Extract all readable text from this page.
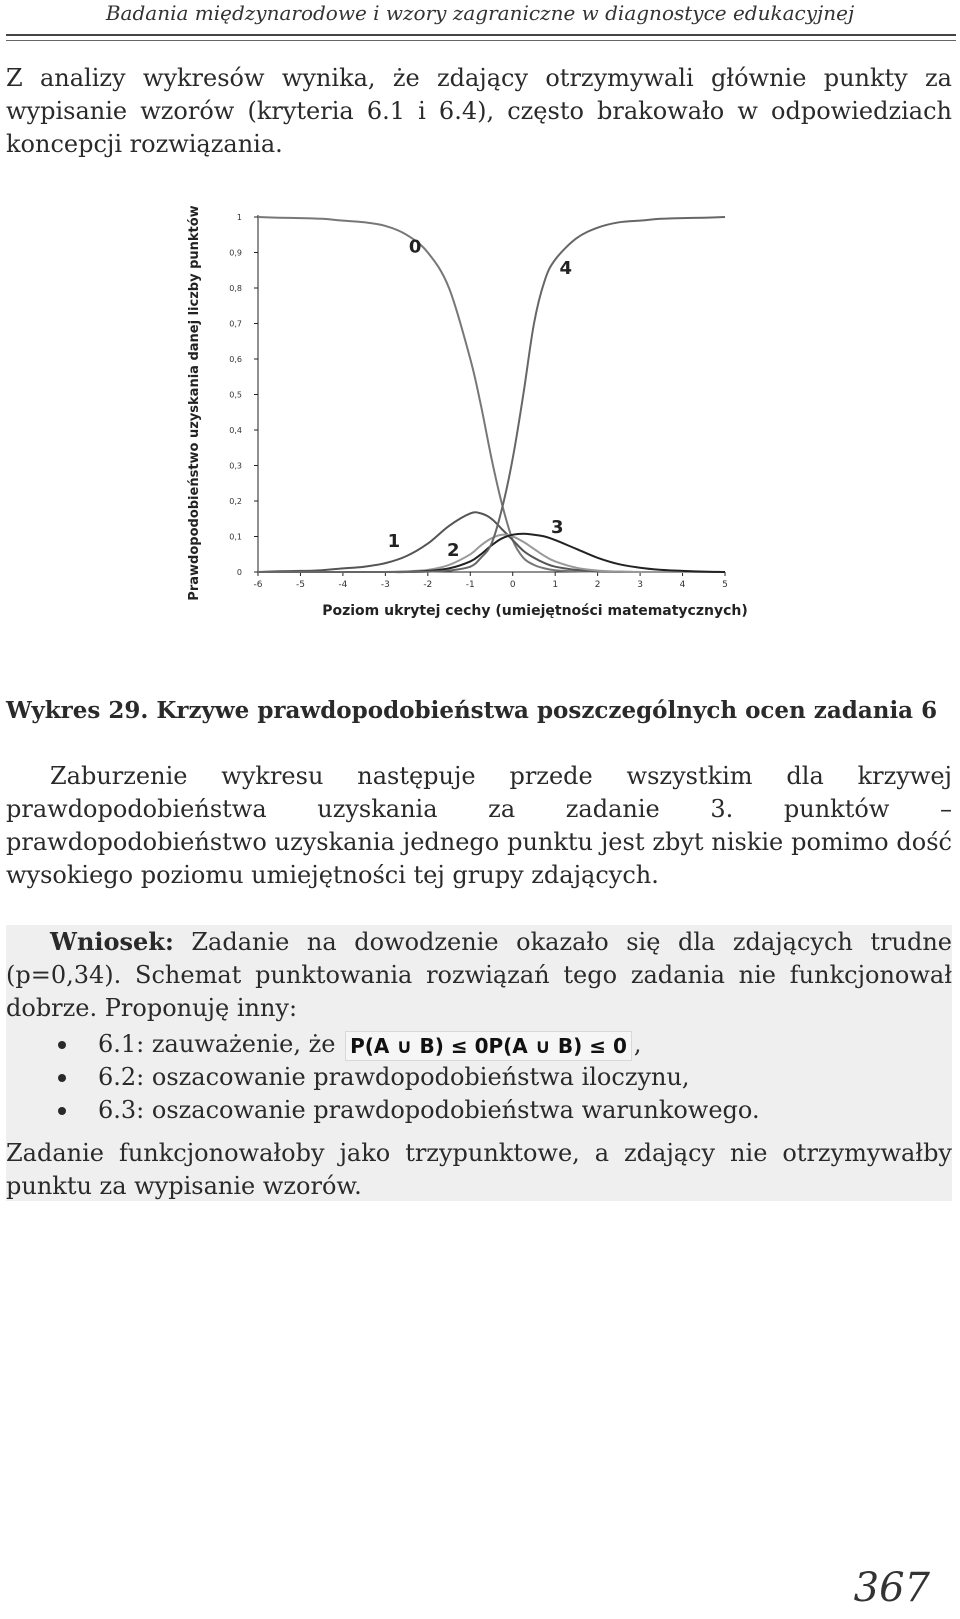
Badania międzynarodowe i wzory zagraniczne w diagnostyce edukacyjnej

Z analizy wykresów wynika, że zdający otrzymywali głównie punkty za wypisanie wzorów (kryteria 6.1 i 6.4), często brakowało w odpowiedziach koncepcji rozwiązania.

-6	-5	-4	-3	-2	-1	0	1	2	3	4	5
0
0,1
0,2
0,3
0,4
0,5
0,6
0,7
0,8
0,9
1
0
4
1	2
3
Prawdopodobieństwo uzyskania danej liczby punktów
Poziom ukrytej cechy (umiejętności matematycznych)
Wykres 29. Krzywe prawdopodobieństwa poszczególnych ocen zadania 6

Zaburzenie wykresu następuje przede wszystkim dla krzywej prawdopodobieństwa uzyskania za zadanie 3. punktów – prawdopodobieństwo uzyskania jednego punktu jest zbyt niskie pomimo dość wysokiego poziomu umiejętności tej grupy zdających.

Wniosek: Zadanie na dowodzenie okazało się dla zdających trudne (p=0,34). Schemat punktowania rozwiązań tego zadania nie funkcjonował dobrze. Proponuję inny:

6.1: zauważenie, że P(A ∪ B) ≤ 0P(A ∪ B) ≤ 0 ,
6.2: oszacowanie prawdopodobieństwa iloczynu,
6.3: oszacowanie prawdopodobieństwa warunkowego.

Zadanie funkcjonowałoby jako trzypunktowe, a zdający nie otrzymywałby punktu za wypisanie wzorów.

367
